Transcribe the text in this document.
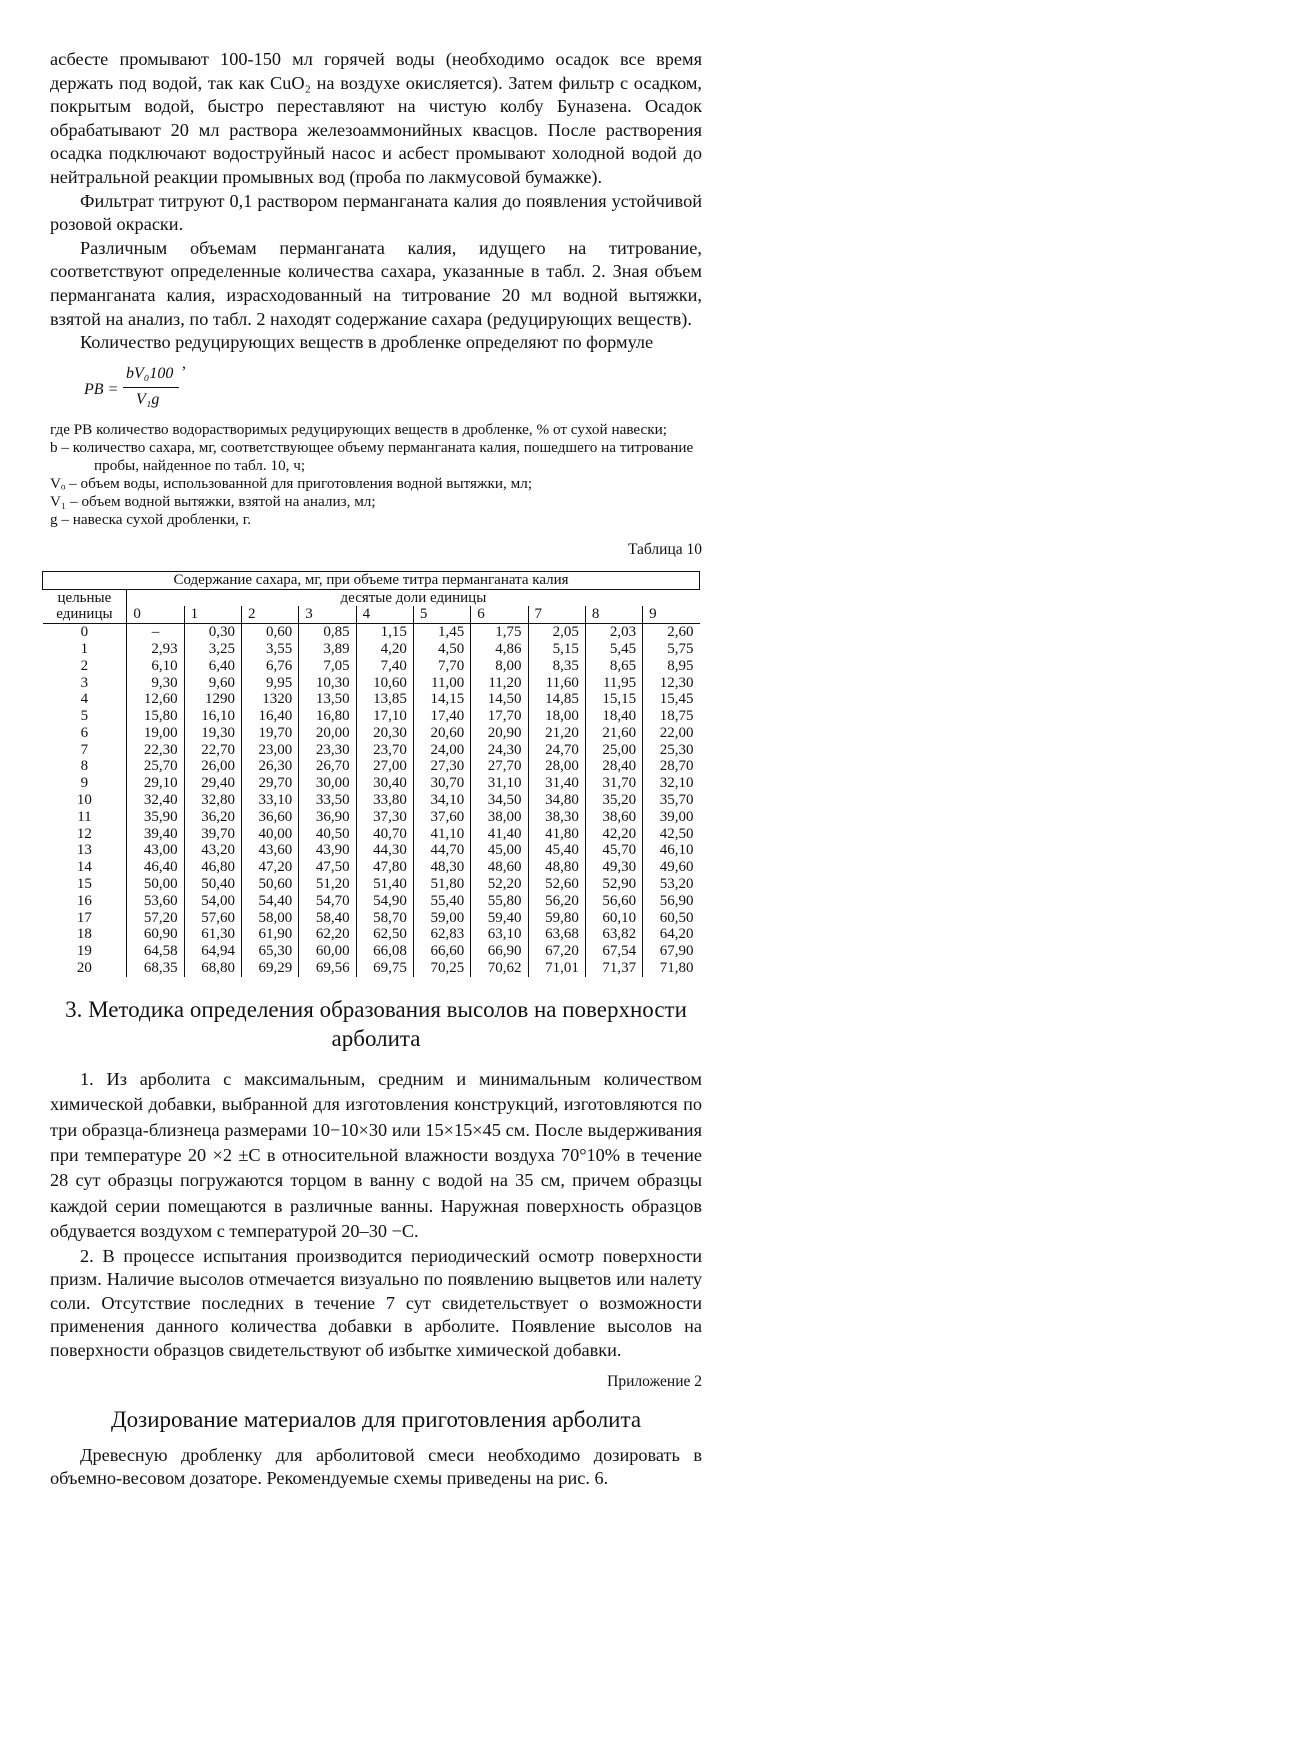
асбесте промывают 100-150 мл горячей воды (необходимо осадок все время держать под водой, так как CuO₂ на воздухе окисляется). Затем фильтр с осадком, покрытым водой, быстро переставляют на чистую колбу Буназена. Осадок обрабатывают 20 мл раствора железоаммонийных квасцов. После растворения осадка подключают водоструйный насос и асбест промывают холодной водой до нейтральной реакции промывных вод (проба по лакмусовой бумажке).

Фильтрат титруют 0,1 раствором перманганата калия до появления устойчивой розовой окраски.

Различным объемам перманганата калия, идущего на титрование, соответствуют определенные количества сахара, указанные в табл. 2. Зная объем перманганата калия, израсходованный на титрование 20 мл водной вытяжки, взятой на анализ, по табл. 2 находят содержание сахара (редуцирующих веществ).

Количество редуцирующих веществ в дробленке определяют по формуле

PB =
bV₀100
V₁g
,
где PB количество водорастворимых редуцирующих веществ в дробленке, % от сухой навески;
b – количество сахара, мг, соответствующее объему перманганата калия, пошедшего на титрование пробы, найденное по табл. 10, ч;
Vₒ – объем воды, использованной для приготовления водной вытяжки, мл;
V₁ – объем водной вытяжки, взятой на анализ, мл;
g – навеска сухой дробленки, г.
Таблица 10
Содержание сахара, мг, при объеме титра перманганата калия										
цельные	десятые доли единицы									
единицы	0	1	2	3	4	5	6	7	8	9
0	–	0,30	0,60	0,85	1,15	1,45	1,75	2,05	2,03	2,60
1	2,93	3,25	3,55	3,89	4,20	4,50	4,86	5,15	5,45	5,75
2	6,10	6,40	6,76	7,05	7,40	7,70	8,00	8,35	8,65	8,95
3	9,30	9,60	9,95	10,30	10,60	11,00	11,20	11,60	11,95	12,30
4	12,60	1290	1320	13,50	13,85	14,15	14,50	14,85	15,15	15,45
5	15,80	16,10	16,40	16,80	17,10	17,40	17,70	18,00	18,40	18,75
6	19,00	19,30	19,70	20,00	20,30	20,60	20,90	21,20	21,60	22,00
7	22,30	22,70	23,00	23,30	23,70	24,00	24,30	24,70	25,00	25,30
8	25,70	26,00	26,30	26,70	27,00	27,30	27,70	28,00	28,40	28,70
9	29,10	29,40	29,70	30,00	30,40	30,70	31,10	31,40	31,70	32,10
10	32,40	32,80	33,10	33,50	33,80	34,10	34,50	34,80	35,20	35,70
11	35,90	36,20	36,60	36,90	37,30	37,60	38,00	38,30	38,60	39,00
12	39,40	39,70	40,00	40,50	40,70	41,10	41,40	41,80	42,20	42,50
13	43,00	43,20	43,60	43,90	44,30	44,70	45,00	45,40	45,70	46,10
14	46,40	46,80	47,20	47,50	47,80	48,30	48,60	48,80	49,30	49,60
15	50,00	50,40	50,60	51,20	51,40	51,80	52,20	52,60	52,90	53,20
16	53,60	54,00	54,40	54,70	54,90	55,40	55,80	56,20	56,60	56,90
17	57,20	57,60	58,00	58,40	58,70	59,00	59,40	59,80	60,10	60,50
18	60,90	61,30	61,90	62,20	62,50	62,83	63,10	63,68	63,82	64,20
19	64,58	64,94	65,30	60,00	66,08	66,60	66,90	67,20	67,54	67,90
20	68,35	68,80	69,29	69,56	69,75	70,25	70,62	71,01	71,37	71,80
3. Методика определения образования высолов на поверхности арболита

1. Из арболита с максимальным, средним и минимальным количеством химической добавки, выбранной для изготовления конструкций, изготовляются по три образца-близнеца размерами 10−10×30 или 15×15×45 см. После выдерживания при температуре 20 ×2 ±С в относительной влажности воздуха 70°10% в течение 28 сут образцы погружаются торцом в ванну с водой на 35 см, причем образцы каждой серии помещаются в различные ванны. Наружная поверхность образцов обдувается воздухом с температурой 20–30 −С.

2. В процессе испытания производится периодический осмотр поверхности призм. Наличие высолов отмечается визуально по появлению выцветов или налету соли. Отсутствие последних в течение 7 сут свидетельствует о возможности применения данного количества добавки в арболите. Появление высолов на поверхности образцов свидетельствуют об избытке химической добавки.

Приложение 2
Дозирование материалов для приготовления арболита

Древесную дробленку для арболитовой смеси необходимо дозировать в объемно-весовом дозаторе. Рекомендуемые схемы приведены на рис. 6.
